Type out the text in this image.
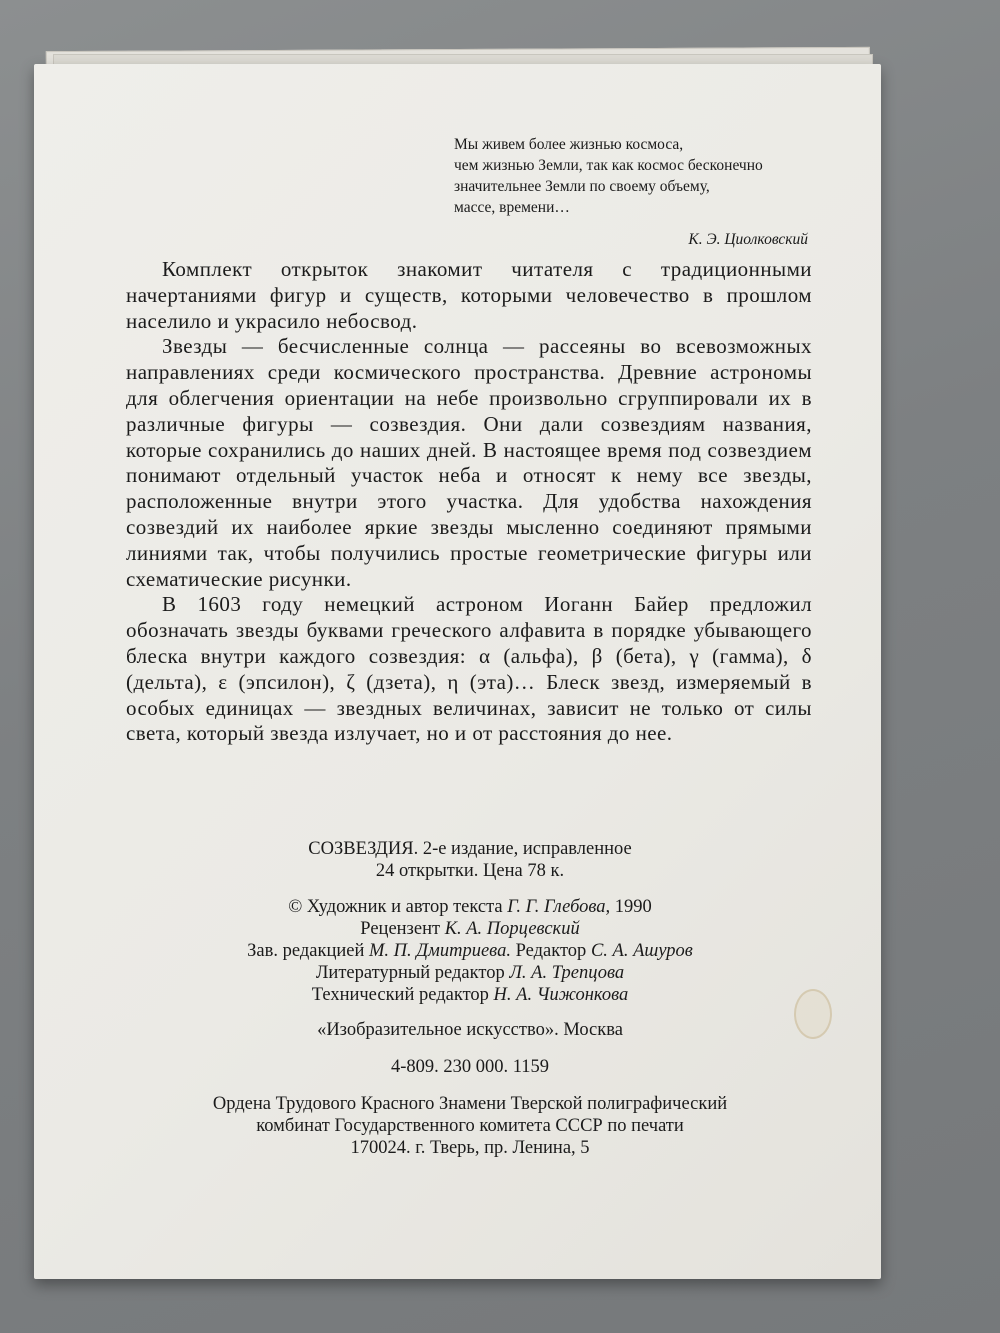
Мы живем более жизнью космоса,
чем жизнью Земли, так как космос бесконечно
значительнее Земли по своему объему,
массе, времени…
К. Э. Циолковский

Комплект открыток знакомит читателя с традиционными начертаниями фигур и существ, которыми человечество в прошлом населило и украсило небосвод.

Звезды — бесчисленные солнца — рассеяны во всевозможных направлениях среди космического пространства. Древние астрономы для облегчения ориентации на небе произвольно сгруппировали их в различные фигуры — созвездия. Они дали созвездиям названия, которые сохранились до наших дней. В настоящее время под созвездием понимают отдельный участок неба и относят к нему все звезды, расположенные внутри этого участка. Для удобства нахождения созвездий их наиболее яркие звезды мысленно соединяют прямыми линиями так, чтобы получились простые геометрические фигуры или схематические рисунки.

В 1603 году немецкий астроном Иоганн Байер предложил обозначать звезды буквами греческого алфавита в порядке убывающего блеска внутри каждого созвездия: α (альфа), β (бета), γ (гамма), δ (дельта), ε (эпсилон), ζ (дзета), η (эта)… Блеск звезд, измеряемый в особых единицах — звездных величинах, зависит не только от силы света, который звезда излучает, но и от расстояния до нее.

СОЗВЕЗДИЯ. 2-е издание, исправленное
24 открытки. Цена 78 к.
© Художник и автор текста Г. Г. Глебова, 1990
Рецензент К. А. Порцевский
Зав. редакцией М. П. Дмитриева. Редактор С. А. Ашуров
Литературный редактор Л. А. Трепцова
Технический редактор Н. А. Чижонкова
«Изобразительное искусство». Москва
4-809. 230 000. 1159
Ордена Трудового Красного Знамени Тверской полиграфический
комбинат Государственного комитета СССР по печати
170024. г. Тверь, пр. Ленина, 5
